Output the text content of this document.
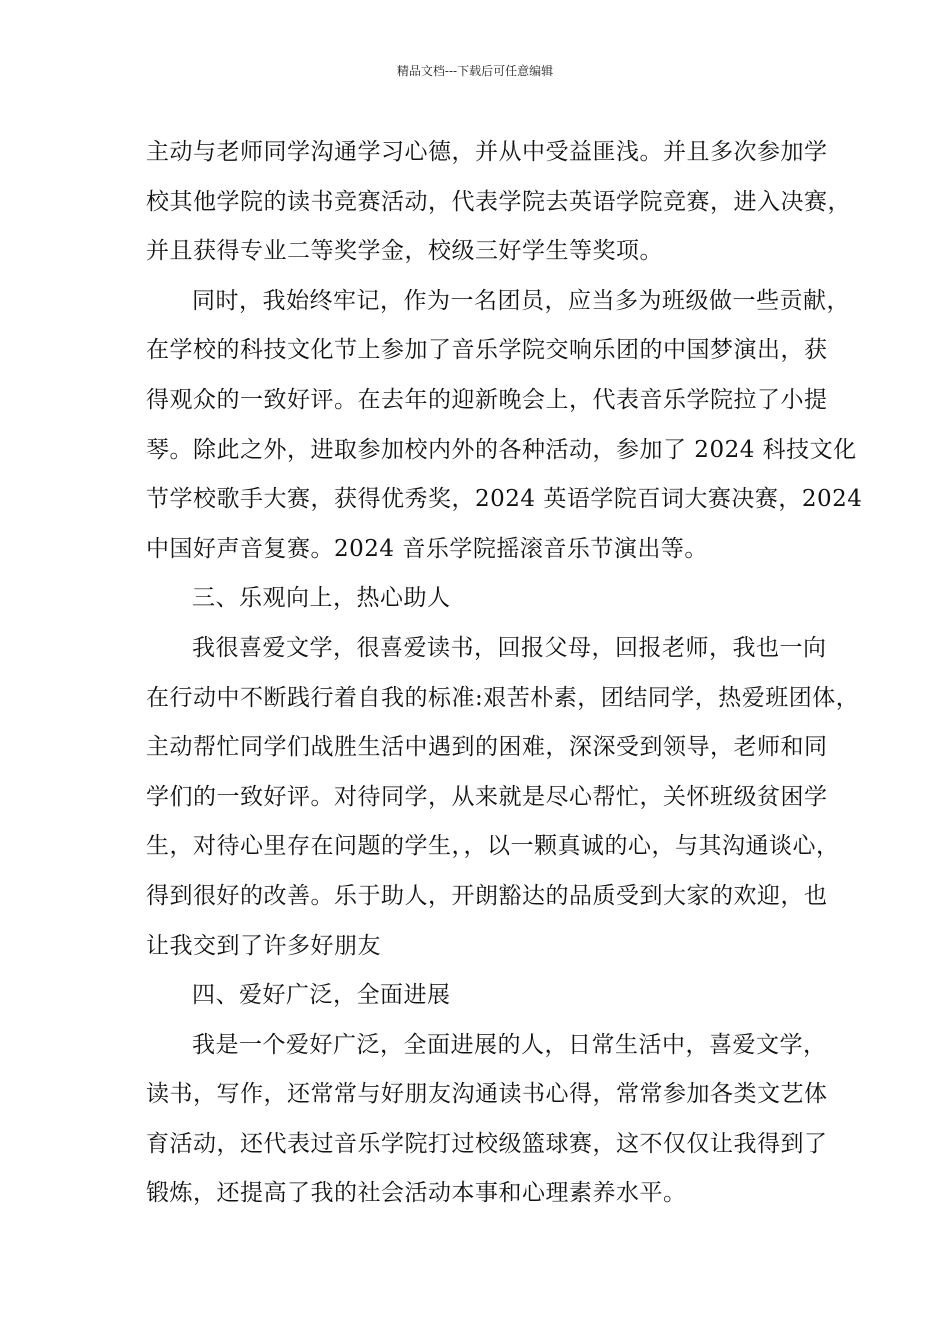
精品文档---下载后可任意编辑
主动与老师同学沟通学习心德，并从中受益匪浅。并且多次参加学
校其他学院的读书竞赛活动，代表学院去英语学院竞赛，进入决赛，
并且获得专业二等奖学金，校级三好学生等奖项。
同时，我始终牢记，作为一名团员，应当多为班级做一些贡献，
在学校的科技文化节上参加了音乐学院交响乐团的中国梦演出，获
得观众的一致好评。在去年的迎新晚会上，代表音乐学院拉了小提
琴。除此之外，进取参加校内外的各种活动，参加了 2024 科技文化
节学校歌手大赛，获得优秀奖，2024 英语学院百词大赛决赛，2024
中国好声音复赛。2024 音乐学院摇滚音乐节演出等。
三、乐观向上，热心助人
我很喜爱文学，很喜爱读书，回报父母，回报老师，我也一向
在行动中不断践行着自我的标准:艰苦朴素，团结同学，热爱班团体，
主动帮忙同学们战胜生活中遇到的困难，深深受到领导，老师和同
学们的一致好评。对待同学，从来就是尽心帮忙，关怀班级贫困学
生，对待心里存在问题的学生，，以一颗真诚的心，与其沟通谈心，
得到很好的改善。乐于助人，开朗豁达的品质受到大家的欢迎，也
让我交到了许多好朋友
四、爱好广泛，全面进展
我是一个爱好广泛，全面进展的人，日常生活中，喜爱文学，
读书，写作，还常常与好朋友沟通读书心得，常常参加各类文艺体
育活动，还代表过音乐学院打过校级篮球赛，这不仅仅让我得到了
锻炼，还提高了我的社会活动本事和心理素养水平。
